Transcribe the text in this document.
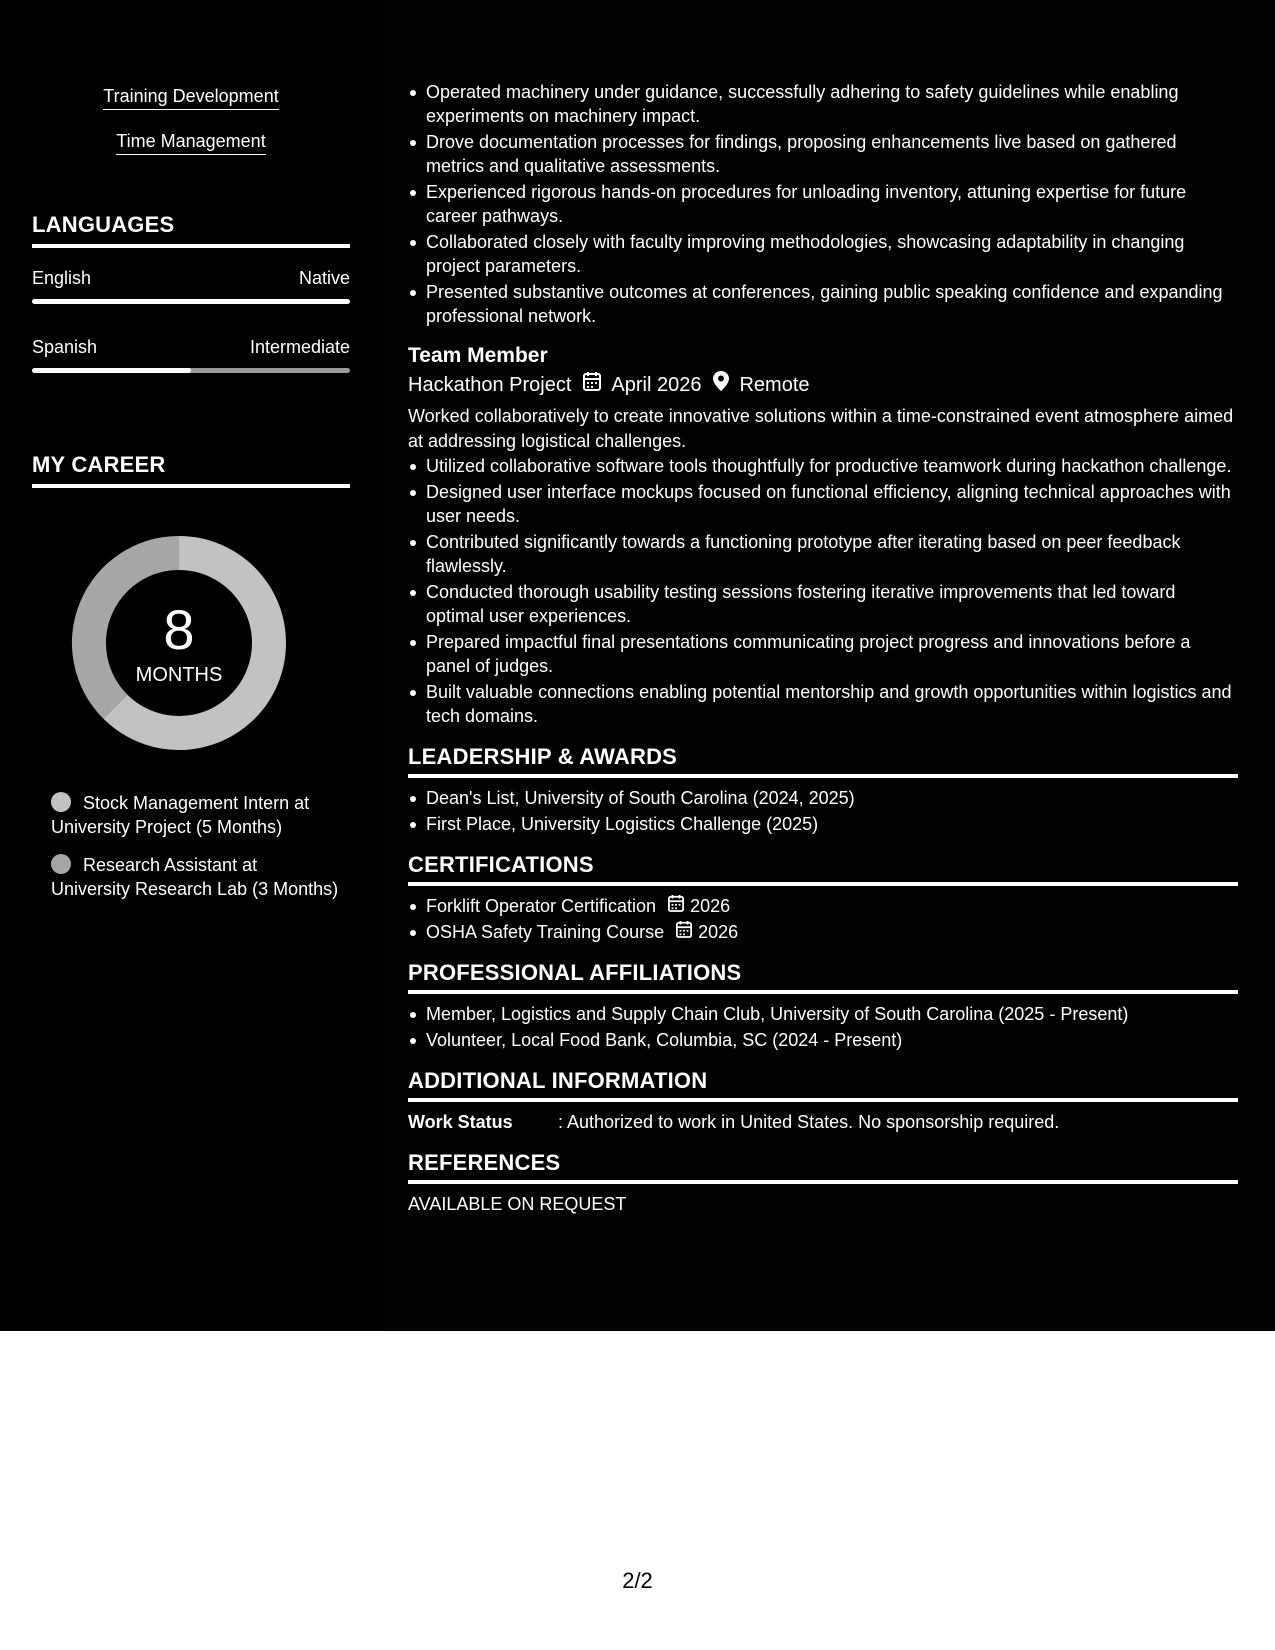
Training Development
Time Management
LANGUAGES
English	Native
Spanish	Intermediate
MY CAREER
8
MONTHS
Stock Management Intern at University Project (5 Months)
Research Assistant at University Research Lab (3 Months)
Operated machinery under guidance, successfully adhering to safety guidelines while enabling experiments on machinery impact.
Drove documentation processes for findings, proposing enhancements live based on gathered metrics and qualitative assessments.
Experienced rigorous hands-on procedures for unloading inventory, attuning expertise for future career pathways.
Collaborated closely with faculty improving methodologies, showcasing adaptability in changing project parameters.
Presented substantive outcomes at conferences, gaining public speaking confidence and expanding professional network.
Team Member
Hackathon Project April 2026 Remote
Worked collaboratively to create innovative solutions within a time-constrained event atmosphere aimed at addressing logistical challenges.
Utilized collaborative software tools thoughtfully for productive teamwork during hackathon challenge.
Designed user interface mockups focused on functional efficiency, aligning technical approaches with user needs.
Contributed significantly towards a functioning prototype after iterating based on peer feedback flawlessly.
Conducted thorough usability testing sessions fostering iterative improvements that led toward optimal user experiences.
Prepared impactful final presentations communicating project progress and innovations before a panel of judges.
Built valuable connections enabling potential mentorship and growth opportunities within logistics and tech domains.
LEADERSHIP & AWARDS
Dean's List, University of South Carolina (2024, 2025)
First Place, University Logistics Challenge (2025)
CERTIFICATIONS
Forklift Operator Certification 2026
OSHA Safety Training Course 2026
PROFESSIONAL AFFILIATIONS
Member, Logistics and Supply Chain Club, University of South Carolina (2025 - Present)
Volunteer, Local Food Bank, Columbia, SC (2024 - Present)
ADDITIONAL INFORMATION
Work Status	: Authorized to work in United States. No sponsorship required.
REFERENCES
AVAILABLE ON REQUEST
2/2
